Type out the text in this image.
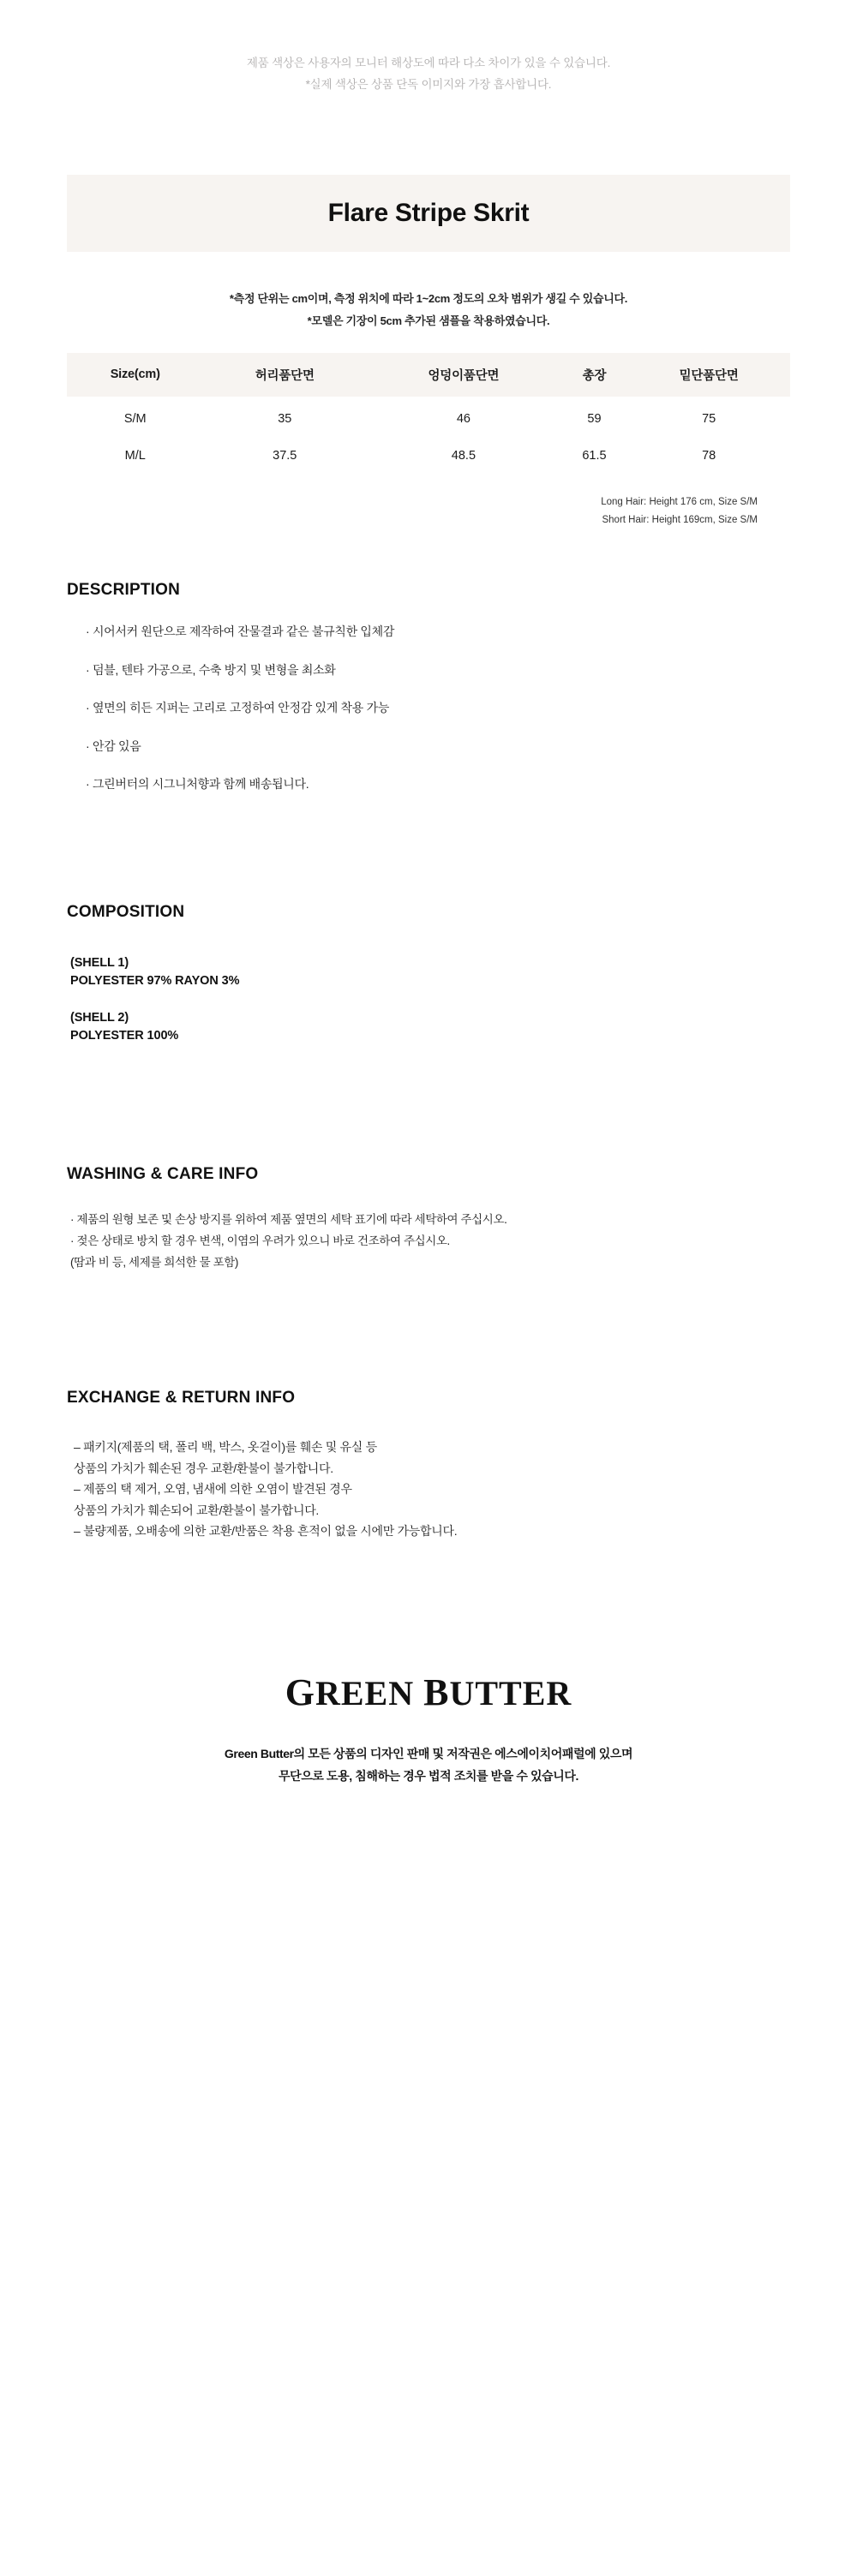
제품 색상은 사용자의 모니터 해상도에 따라 다소 차이가 있을 수 있습니다.
*실제 색상은 상품 단독 이미지와 가장 흡사합니다.
Flare Stripe Skrit
*측정 단위는 cm이며, 측정 위치에 따라 1~2cm 정도의 오차 범위가 생길 수 있습니다.
*모델은 기장이 5cm 추가된 샘플을 착용하였습니다.
Size(cm)	허리품단면	엉덩이품단면	총장	밑단품단면
S/M	35	46	59	75
M/L	37.5	48.5	61.5	78
Long Hair: Height 176 cm, Size S/M
Short Hair: Height 169cm, Size S/M
DESCRIPTION
· 시어서커 원단으로 제작하여 잔물결과 같은 불규칙한 입체감
· 덤블, 텐타 가공으로, 수축 방지 및 변형을 최소화
· 옆면의 히든 지퍼는 고리로 고정하여 안정감 있게 착용 가능
· 안감 있음
· 그린버터의 시그니처향과 함께 배송됩니다.
COMPOSITION
(SHELL 1)
POLYESTER 97% RAYON 3%
(SHELL 2)
POLYESTER 100%
WASHING & CARE INFO
· 제품의 원형 보존 및 손상 방지를 위하여 제품 옆면의 세탁 표기에 따라 세탁하여 주십시오.
· 젖은 상태로 방치 할 경우 변색, 이염의 우려가 있으니 바로 건조하여 주십시오.
(땀과 비 등, 세제를 희석한 물 포함)
EXCHANGE & RETURN INFO
– 패키지(제품의 택, 폴리 백, 박스, 옷걸이)를 훼손 및 유실 등
상품의 가치가 훼손된 경우 교환/환불이 불가합니다.
– 제품의 택 제거, 오염, 냄새에 의한 오염이 발견된 경우
상품의 가치가 훼손되어 교환/환불이 불가합니다.
– 불량제품, 오배송에 의한 교환/반품은 착용 흔적이 없을 시에만 가능합니다.
GREEN BUTTER
Green Butter의 모든 상품의 디자인 판매 및 저작권은 에스에이치어패럴에 있으며
무단으로 도용, 침해하는 경우 법적 조치를 받을 수 있습니다.
